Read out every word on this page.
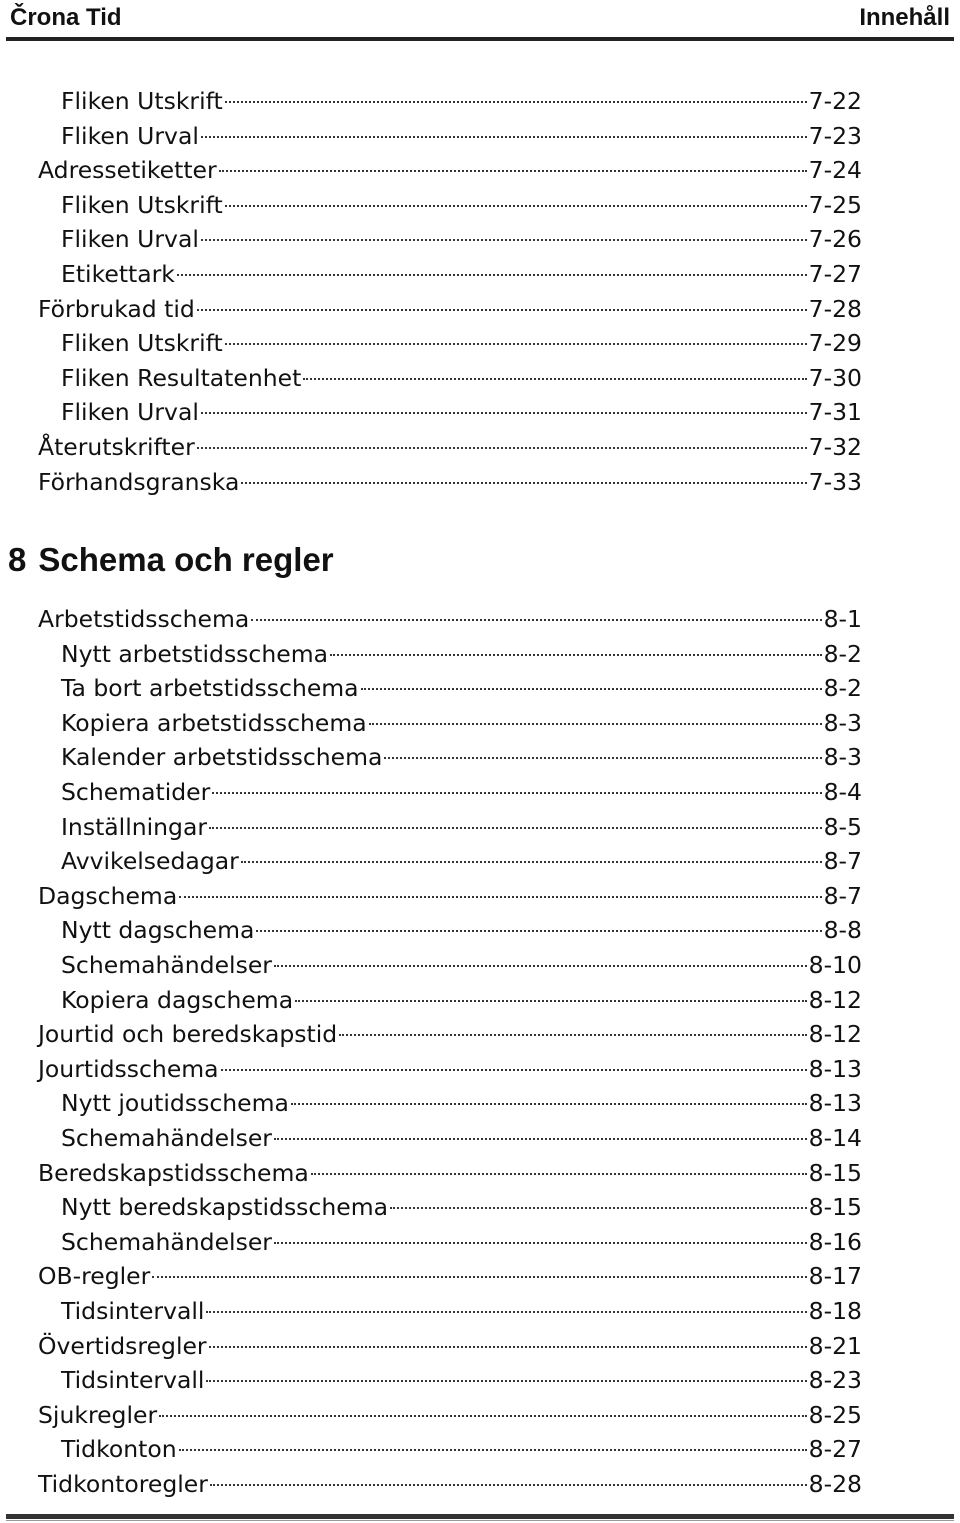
Črona Tid	Innehåll
Fliken Utskrift	7-22
Fliken Urval	7-23
Adressetiketter	7-24
Fliken Utskrift	7-25
Fliken Urval	7-26
Etikettark	7-27
Förbrukad tid	7-28
Fliken Utskrift	7-29
Fliken Resultatenhet	7-30
Fliken Urval	7-31
Återutskrifter	7-32
Förhandsgranska	7-33
8 Schema och regler
Arbetstidsschema	8-1
Nytt arbetstidsschema	8-2
Ta bort arbetstidsschema	8-2
Kopiera arbetstidsschema	8-3
Kalender arbetstidsschema	8-3
Schematider	8-4
Inställningar	8-5
Avvikelsedagar	8-7
Dagschema	8-7
Nytt dagschema	8-8
Schemahändelser	8-10
Kopiera dagschema	8-12
Jourtid och beredskapstid	8-12
Jourtidsschema	8-13
Nytt joutidsschema	8-13
Schemahändelser	8-14
Beredskapstidsschema	8-15
Nytt beredskapstidsschema	8-15
Schemahändelser	8-16
OB-regler	8-17
Tidsintervall	8-18
Övertidsregler	8-21
Tidsintervall	8-23
Sjukregler	8-25
Tidkonton	8-27
Tidkontoregler	8-28
